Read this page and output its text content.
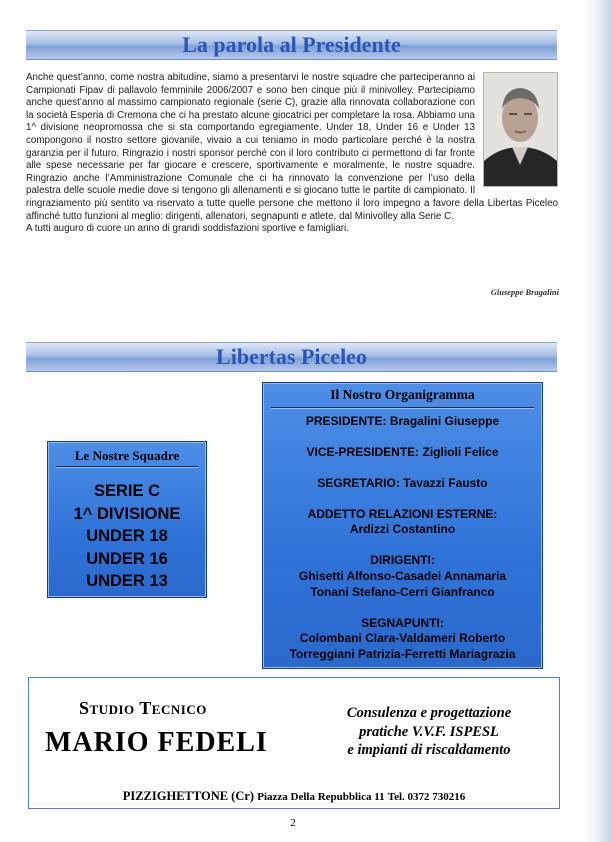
La parola al Presidente

Anche quest’anno, come nostra abitudine, siamo a presentarvi le nostre squadre che parteciperanno ai Campionati Fipav di pallavolo femminile 2006/2007 e sono ben cinque più il minivolley. Partecipiamo anche quest’anno al massimo campionato regionale (serie C), grazie alla rinnovata collaborazione con la società Esperia di Cremona che ci ha prestato alcune giocatrici per completare la rosa. Abbiamo una 1^ divisione neopromossa che si sta comportando egregiamente. Under 18, Under 16 e Under 13 compongono il nostro settore giovanile, vivaio a cui teniamo in modo particolare perché è la nostra garanzia per il futuro. Ringrazio i nostri sponsor perché con il loro contributo ci permettono di far fronte alle spese necessarie per far giocare e crescere, sportivamente e moralmente, le nostre squadre. Ringrazio anche l’Amministrazione Comunale che ci ha rinnovato la convenzione per l’uso della palestra delle scuole medie dove si tengono gli allenamenti e si giocano tutte le partite di campionato. Il ringraziamento più sentito va riservato a tutte quelle persone che mettono il loro impegno a favore della Libertas Piceleo affinché tutto funzioni al meglio: dirigenti, allenatori, segnapunti e atlete, dal Minivolley alla Serie C.

A tutti auguro di cuore un anno di grandi soddisfazioni sportive e famigliari.

Giuseppe Bragalini
Libertas Piceleo
Le Nostre Squadre
SERIE C
1^ DIVISIONE
UNDER 18
UNDER 16
UNDER 13
Il Nostro Organigramma
PRESIDENTE: Bragalini Giuseppe
VICE-PRESIDENTE: Ziglioli Felice
SEGRETARIO: Tavazzi Fausto
ADDETTO RELAZIONI ESTERNE:
Ardizzi Costantino
DIRIGENTI:
Ghisetti Alfonso-Casadei Annamaria
Tonani Stefano-Cerri Gianfranco
SEGNAPUNTI:
Colombani Clara-Valdameri Roberto
Torreggiani Patrizia-Ferretti Mariagrazia
Studio Tecnico
MARIO FEDELI
Consulenza e progettazione
pratiche V.V.F. ISPESL
e impianti di riscaldamento
PIZZIGHETTONE (Cr) Piazza Della Repubblica 11 Tel. 0372 730216
2
